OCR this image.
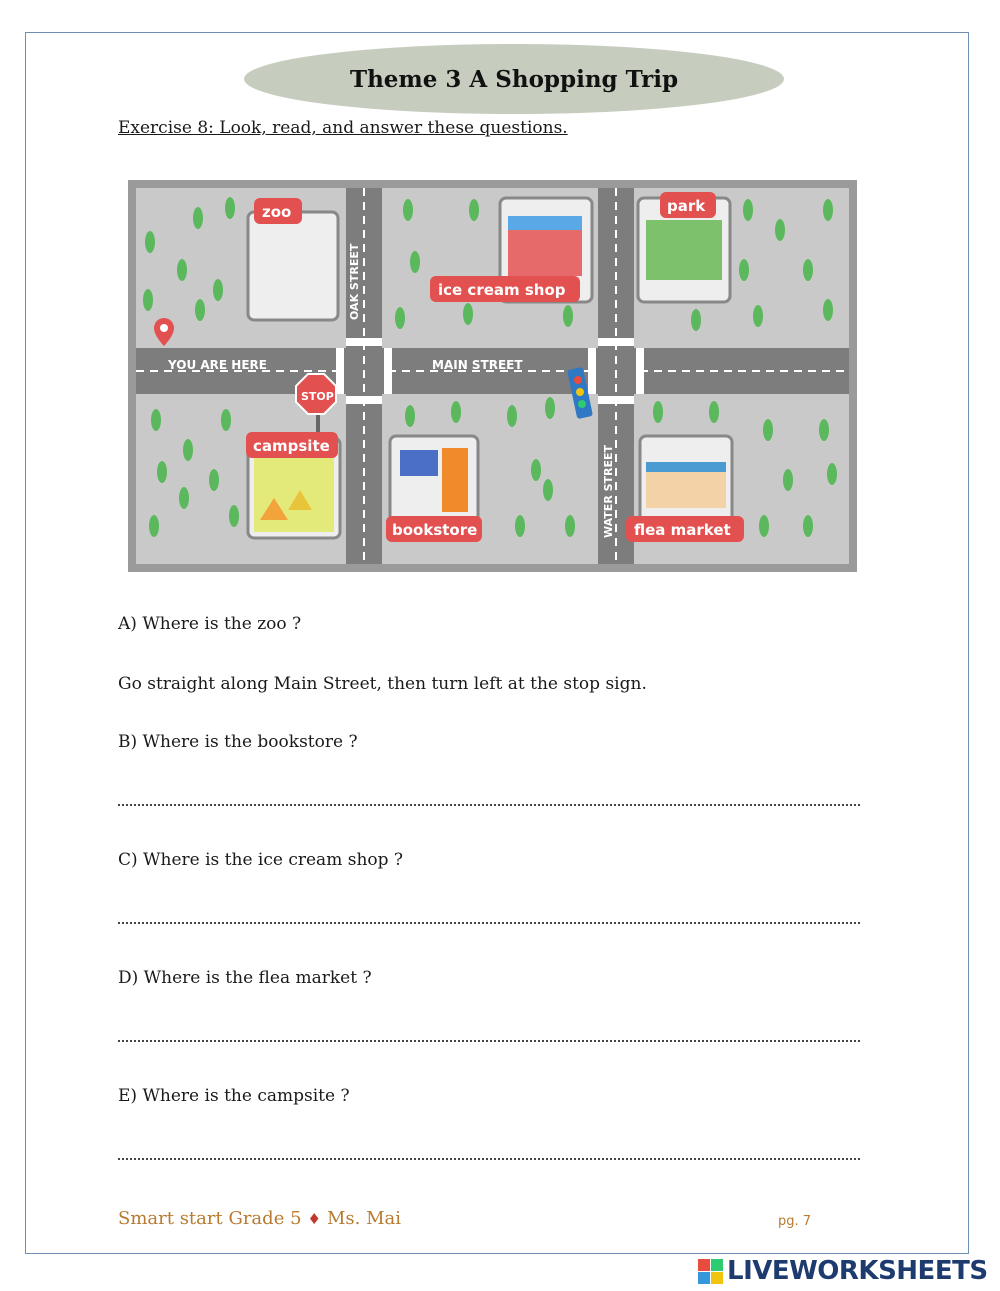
Theme 3 A Shopping Trip
Exercise 8: Look, read, and answer these questions.
YOU ARE HERE	MAIN STREET
OAK STREET
WATER STREET
STOP
zoo
ice cream shop
park
campsite
bookstore	flea market
A) Where is the zoo ?
Go straight along Main Street, then turn left at the stop sign.
B) Where is the bookstore ?
C) Where is the ice cream shop ?
D) Where is the flea market ?
E) Where is the campsite ?
Smart start Grade 5 ♦ Ms. Mai	pg. 7
LIVEWORKSHEETS
